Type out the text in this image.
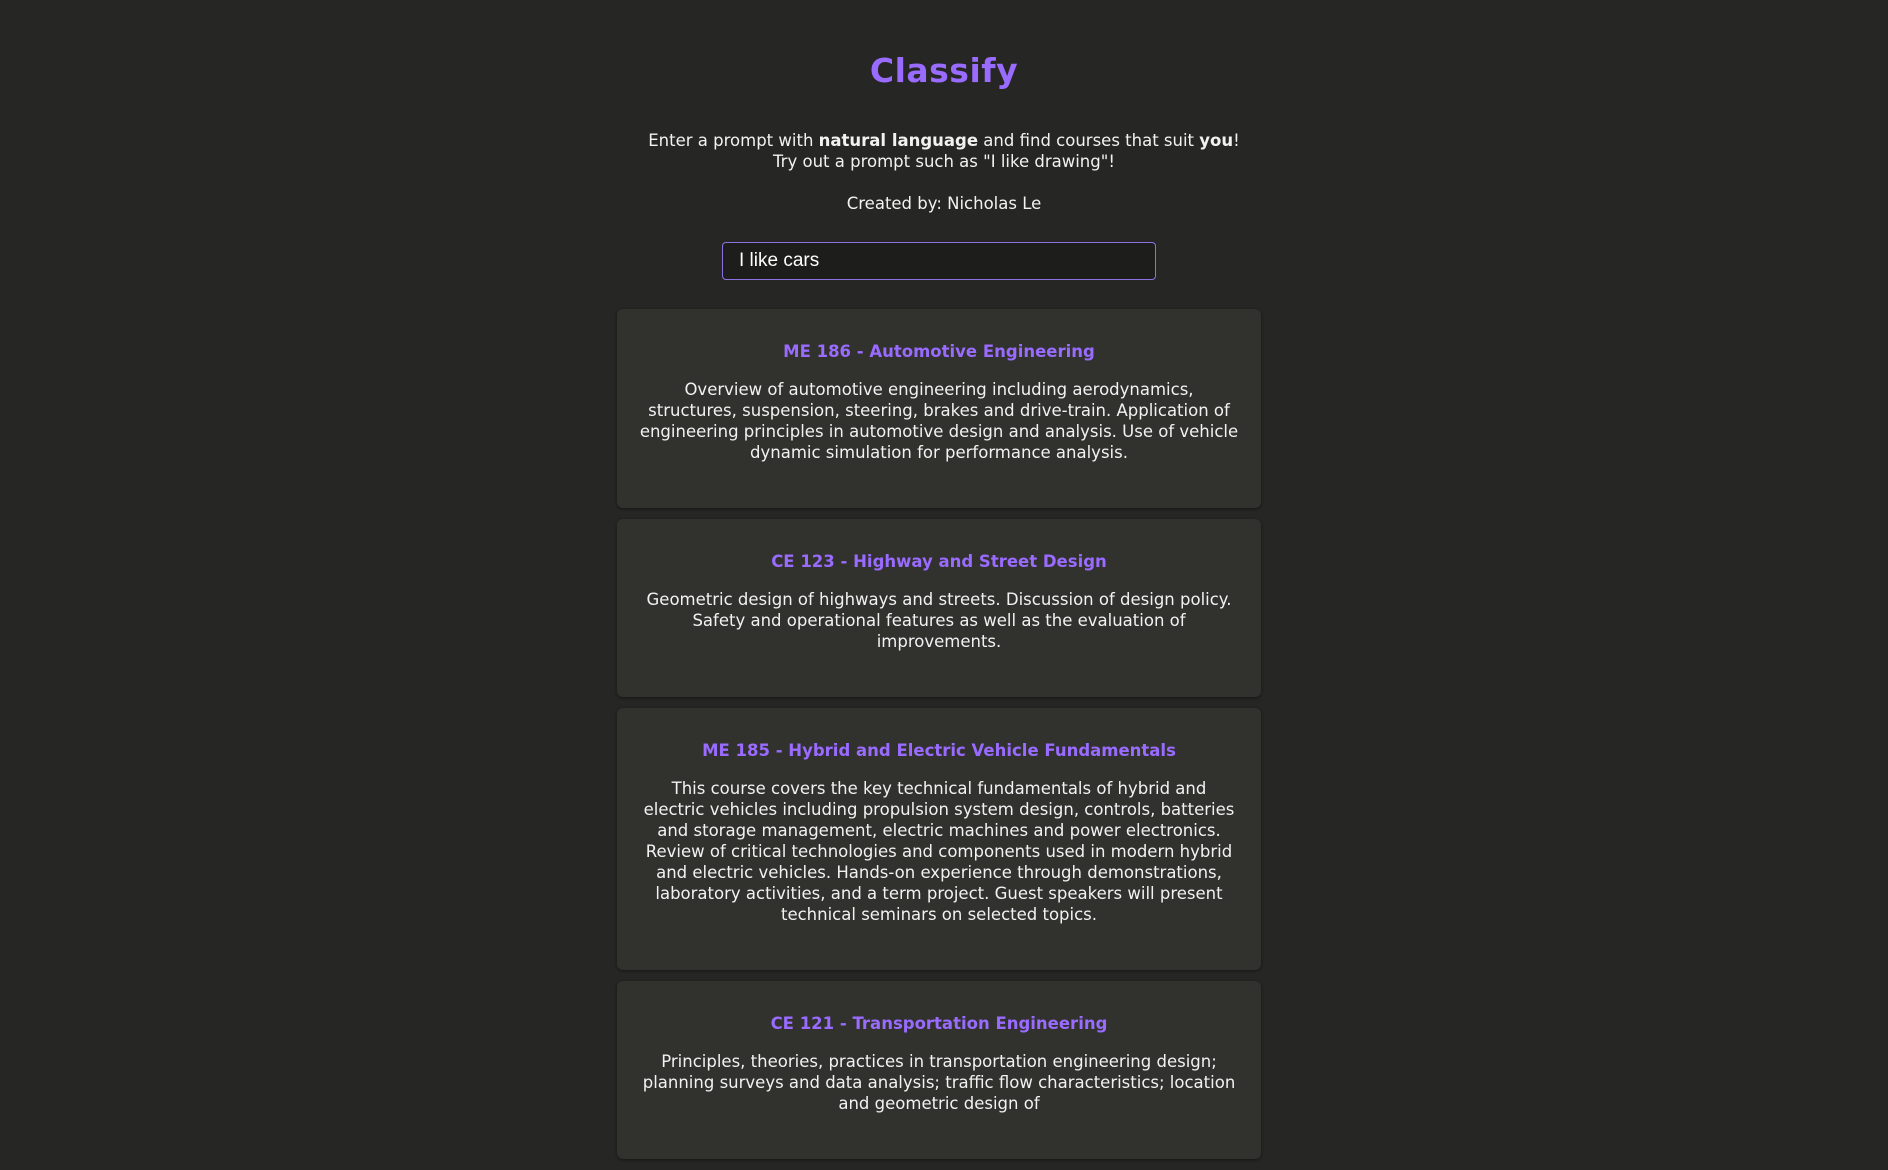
Classify
Enter a prompt with natural language and find courses that suit you!
Try out a prompt such as "I like drawing"!
Created by: Nicholas Le
I like cars
ME 186 - Automotive Engineering
Overview of automotive engineering including aerodynamics, structures, suspension, steering, brakes and drive-train. Application of engineering principles in automotive design and analysis. Use of vehicle dynamic simulation for performance analysis.
CE 123 - Highway and Street Design
Geometric design of highways and streets. Discussion of design policy. Safety and operational features as well as the evaluation of improvements.
ME 185 - Hybrid and Electric Vehicle Fundamentals
This course covers the key technical fundamentals of hybrid and electric vehicles including propulsion system design, controls, batteries and storage management, electric machines and power electronics. Review of critical technologies and components used in modern hybrid and electric vehicles. Hands-on experience through demonstrations, laboratory activities, and a term project. Guest speakers will present technical seminars on selected topics.
CE 121 - Transportation Engineering
Principles, theories, practices in transportation engineering design; planning surveys and data analysis; traffic flow characteristics; location and geometric design of
